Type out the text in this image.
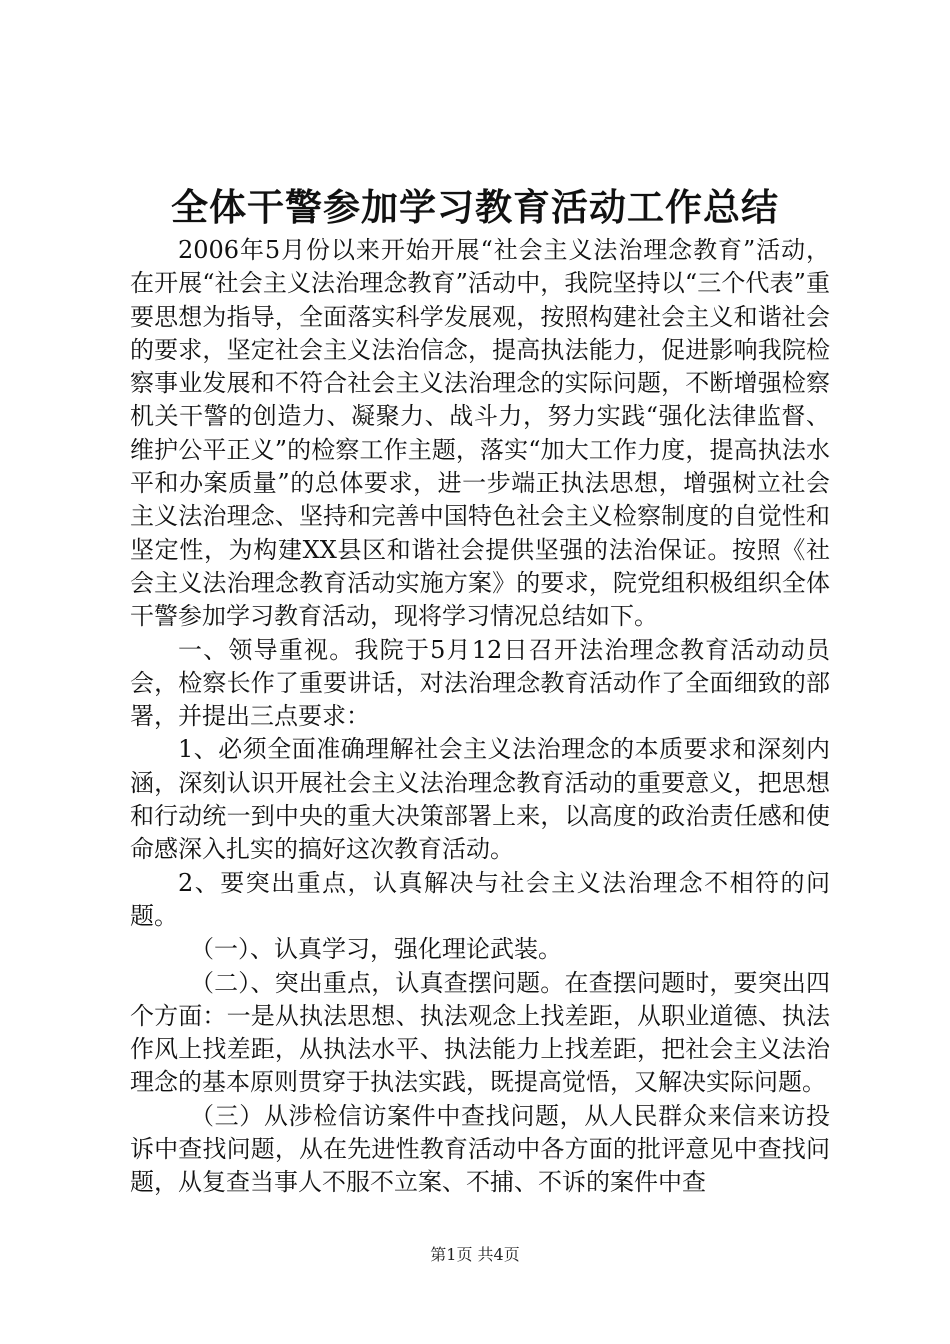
全体干警参加学习教育活动工作总结

2006年5月份以来开始开展“社会主义法治理念教育”活动，在开展“社会主义法治理念教育”活动中，我院坚持以“三个代表”重要思想为指导，全面落实科学发展观，按照构建社会主义和谐社会的要求，坚定社会主义法治信念，提高执法能力，促进影响我院检察事业发展和不符合社会主义法治理念的实际问题，不断增强检察机关干警的创造力、凝聚力、战斗力，努力实践“强化法律监督、维护公平正义”的检察工作主题，落实“加大工作力度，提高执法水平和办案质量”的总体要求，进一步端正执法思想，增强树立社会主义法治理念、坚持和完善中国特色社会主义检察制度的自觉性和坚定性，为构建XX县区和谐社会提供坚强的法治保证。按照《社会主义法治理念教育活动实施方案》的要求，院党组积极组织全体干警参加学习教育活动，现将学习情况总结如下。

一、领导重视。我院于5月12日召开法治理念教育活动动员会，检察长作了重要讲话，对法治理念教育活动作了全面细致的部署，并提出三点要求：

1、必须全面准确理解社会主义法治理念的本质要求和深刻内涵，深刻认识开展社会主义法治理念教育活动的重要意义，把思想和行动统一到中央的重大决策部署上来，以高度的政治责任感和使命感深入扎实的搞好这次教育活动。

2、要突出重点，认真解决与社会主义法治理念不相符的问题。

（一）、认真学习，强化理论武装。

（二）、突出重点，认真查摆问题。在查摆问题时，要突出四个方面：一是从执法思想、执法观念上找差距，从职业道德、执法作风上找差距，从执法水平、执法能力上找差距，把社会主义法治理念的基本原则贯穿于执法实践，既提高觉悟，又解决实际问题。

（三）从涉检信访案件中查找问题，从人民群众来信来访投诉中查找问题，从在先进性教育活动中各方面的批评意见中查找问题，从复查当事人不服不立案、不捕、不诉的案件中查

第1页 共4页
